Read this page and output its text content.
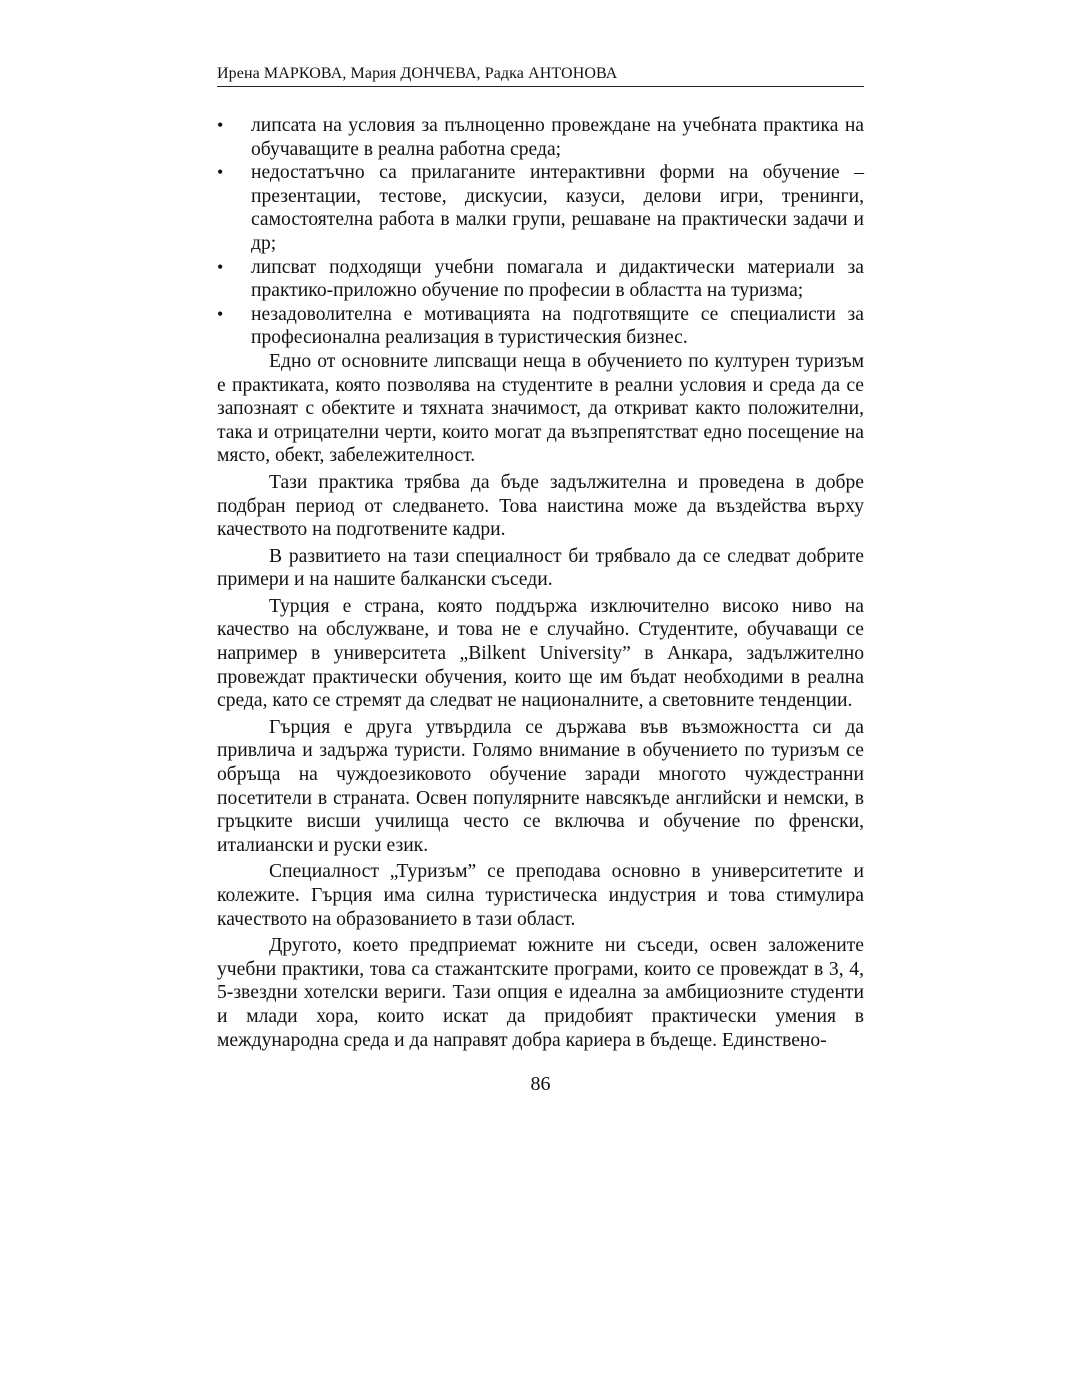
Ирена МАРКОВА, Мария ДОНЧЕВА, Радка АНТОНОВА
• липсата на условия за пълноценно провеждане на учебната практика на обучаващите в реална работна среда;
• недостатъчно са прилаганите интерактивни форми на обучение – презентации, тестове, дискусии, казуси, делови игри, тренинги, самостоятелна работа в малки групи, решаване на практически задачи и др;
• липсват подходящи учебни помагала и дидактически материали за практико-приложно обучение по професии в областта на туризма;
• незадоволителна е мотивацията на подготвящите се специалисти за професионална реализация в туристическия бизнес.

Едно от основните липсващи неща в обучението по културен туризъм е практиката, която позволява на студентите в реални условия и среда да се запознаят с обектите и тяхната значимост, да откриват както положителни, така и отрицателни черти, които могат да възпрепятстват едно посещение на място, обект, забележителност.

Тази практика трябва да бъде задължителна и проведена в добре подбран период от следването. Това наистина може да въздейства върху качеството на подготвените кадри.

В развитието на тази специалност би трябвало да се следват добрите примери и на нашите балкански съседи.

Турция е страна, която поддържа изключително високо ниво на качество на обслужване, и това не е случайно. Студентите, обучаващи се например в университета „Bilkent University” в Анкара, задължително провеждат практически обучения, които ще им бъдат необходими в реална среда, като се стремят да следват не националните, а световните тенденции.

Гърция е друга утвърдила се държава във възможността си да привлича и задържа туристи. Голямо внимание в обучението по туризъм се обръща на чуждоезиковото обучение заради многото чуждестранни посетители в страната. Освен популярните навсякъде английски и немски, в гръцките висши училища често се включва и обучение по френски, италиански и руски език.

Специалност „Туризъм” се преподава основно в университетите и колежите. Гърция има силна туристическа индустрия и това стимулира качеството на образованието в тази област.

Другото, което предприемат южните ни съседи, освен заложените учебни практики, това са стажантските програми, които се провеждат в 3, 4, 5-звездни хотелски вериги. Тази опция е идеална за амбициозните студенти и млади хора, които искат да придобият практически умения в международна среда и да направят добра кариера в бъдеще. Единствено-

86
